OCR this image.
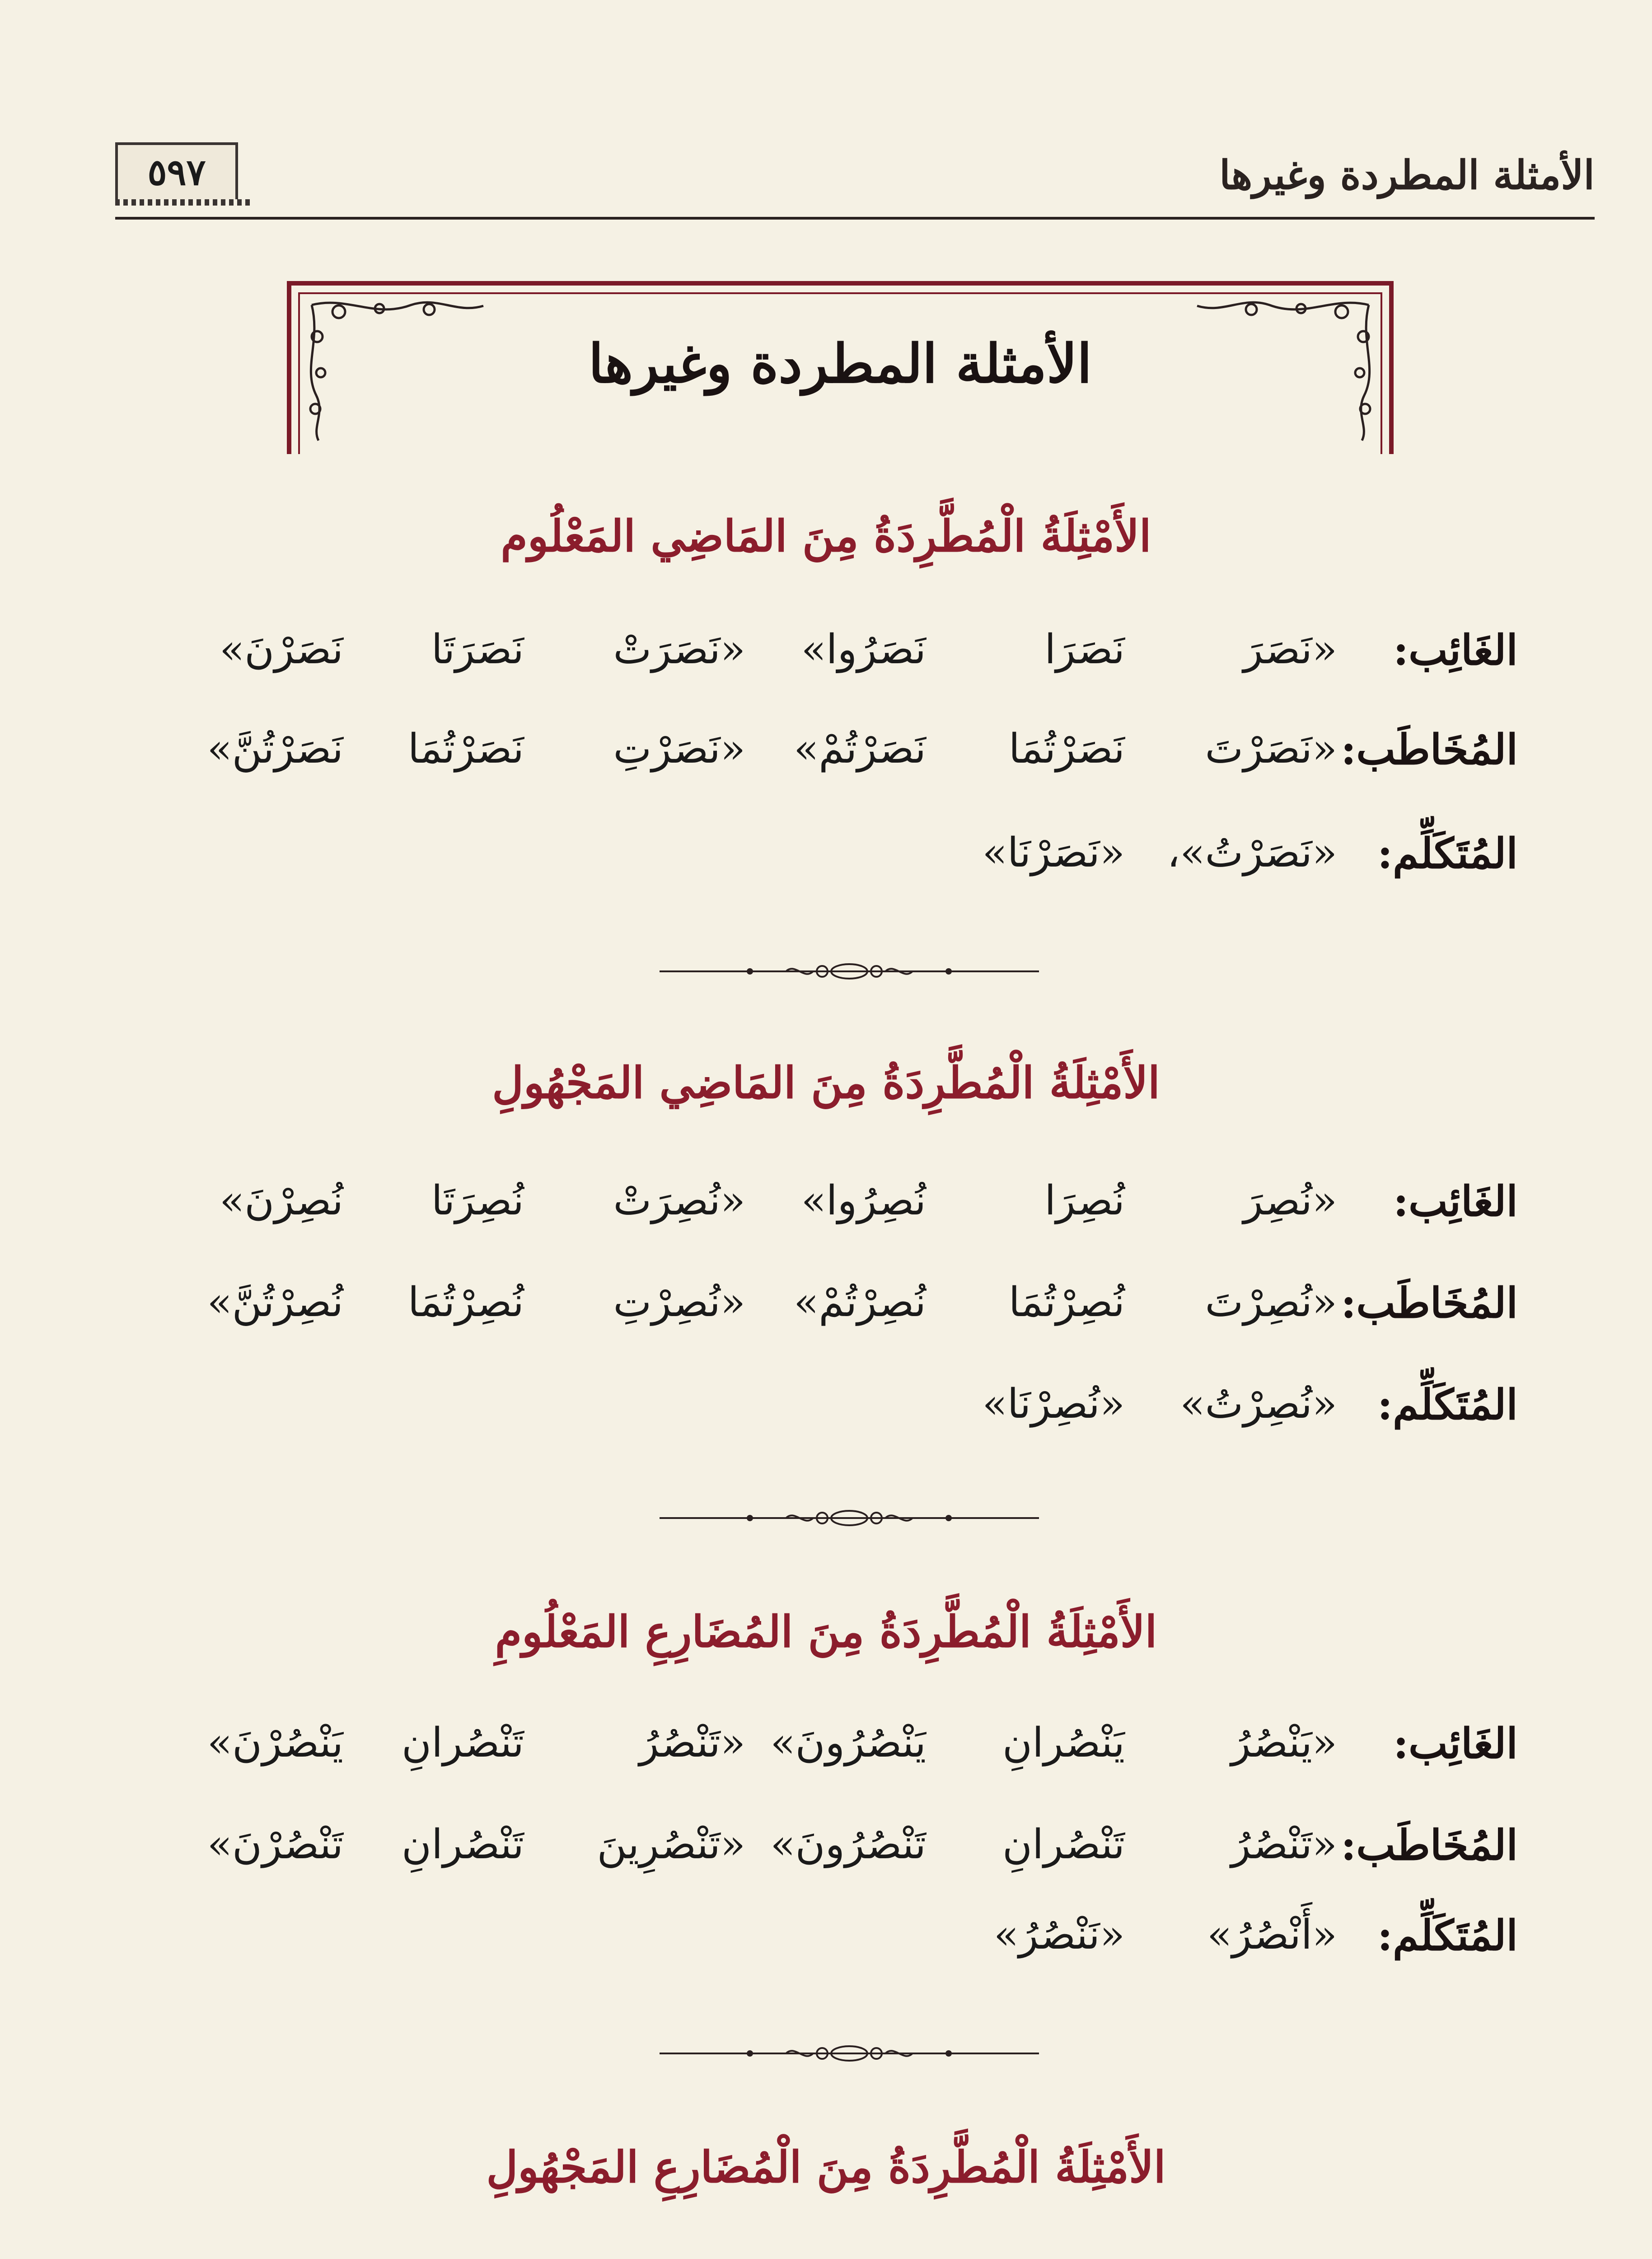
الأمثلة المطردة وغيرها
٥٩٧
الأمثلة المطردة وغيرها
الأَمْثِلَةُ الْمُطَّرِدَةُ مِنَ المَاضِي المَعْلُوم
الغَائِب:
«نَصَرَ
نَصَرَا
نَصَرُوا»
«نَصَرَتْ
نَصَرَتَا
نَصَرْنَ»
المُخَاطَب:
«نَصَرْتَ
نَصَرْتُمَا
نَصَرْتُمْ»
«نَصَرْتِ
نَصَرْتُمَا
نَصَرْتُنَّ»
المُتَكَلِّم:
«نَصَرْتُ»،
«نَصَرْنَا»
الأَمْثِلَةُ الْمُطَّرِدَةُ مِنَ المَاضِي المَجْهُولِ
الغَائِب:
«نُصِرَ
نُصِرَا
نُصِرُوا»
«نُصِرَتْ
نُصِرَتَا
نُصِرْنَ»
المُخَاطَب:
«نُصِرْتَ
نُصِرْتُمَا
نُصِرْتُمْ»
«نُصِرْتِ
نُصِرْتُمَا
نُصِرْتُنَّ»
المُتَكَلِّم:
«نُصِرْتُ»
«نُصِرْنَا»
الأَمْثِلَةُ الْمُطَّرِدَةُ مِنَ المُضَارِعِ المَعْلُومِ
الغَائِب:
«يَنْصُرُ
يَنْصُرانِ
يَنْصُرُونَ»
«تَنْصُرُ
تَنْصُرانِ
يَنْصُرْنَ»
المُخَاطَب:
«تَنْصُرُ
تَنْصُرانِ
تَنْصُرُونَ»
«تَنْصُرِينَ
تَنْصُرانِ
تَنْصُرْنَ»
المُتَكَلِّم:
«أَنْصُرُ»
«نَنْصُرُ»
الأَمْثِلَةُ الْمُطَّرِدَةُ مِنَ الْمُضَارِعِ المَجْهُولِ
